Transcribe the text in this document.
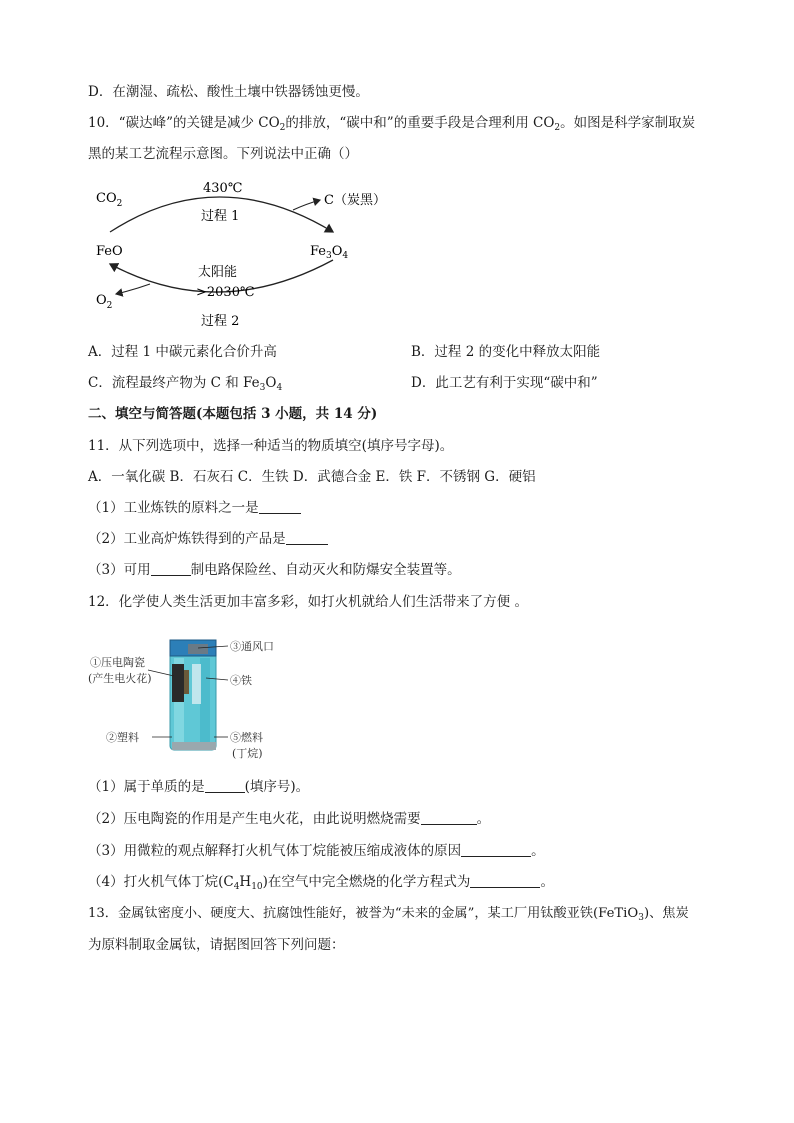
D．在潮湿、疏松、酸性土壤中铁器锈蚀更慢。
10．“碳达峰”的关键是减少 $CO_2$的排放，“碳中和”的重要手段是合理利用 $CO_2$。如图是科学家制取炭
黑的某工艺流程示意图。下列说法中正确（）
$CO_2$
430℃
过程 1
C（炭黑）
FeO	$Fe_3O_4$
太阳能
>2030℃
$O_2$
过程 2
A．过程 1 中碳元素化合价升高	B．过程 2 的变化中释放太阳能
C．流程最终产物为 C 和 $Fe_3O_4$	D．此工艺有利于实现“碳中和”
二、填空与简答题(本题包括 3 小题，共 14 分)
11．从下列选项中，选择一种适当的物质填空(填序号字母)。
A．一氧化碳 B．石灰石 C．生铁 D．武德合金 E．铁 F．不锈钢 G．硬铝
（1）工业炼铁的原料之一是
（2）工业高炉炼铁得到的产品是
（3）可用	制电路保险丝、自动灭火和防爆安全装置等。
12．化学使人类生活更加丰富多彩，如打火机就给人们生活带来了方便 。
①压电陶瓷
(产生电火花)
③通风口
④铁
②塑料	⑤燃料
(丁烷)
（1）属于单质的是	(填序号)。
（2）压电陶瓷的作用是产生电火花，由此说明燃烧需要	。
（3）用微粒的观点解释打火机气体丁烷能被压缩成液体的原因	。
（4）打火机气体丁烷$(C_4H_{10})$在空气中完全燃烧的化学方程式为	。
13．金属钛密度小、硬度大、抗腐蚀性能好，被誉为“未来的金属”，某工厂用钛酸亚铁(FeTiO$_3$)、焦炭
为原料制取金属钛，请据图回答下列问题：
